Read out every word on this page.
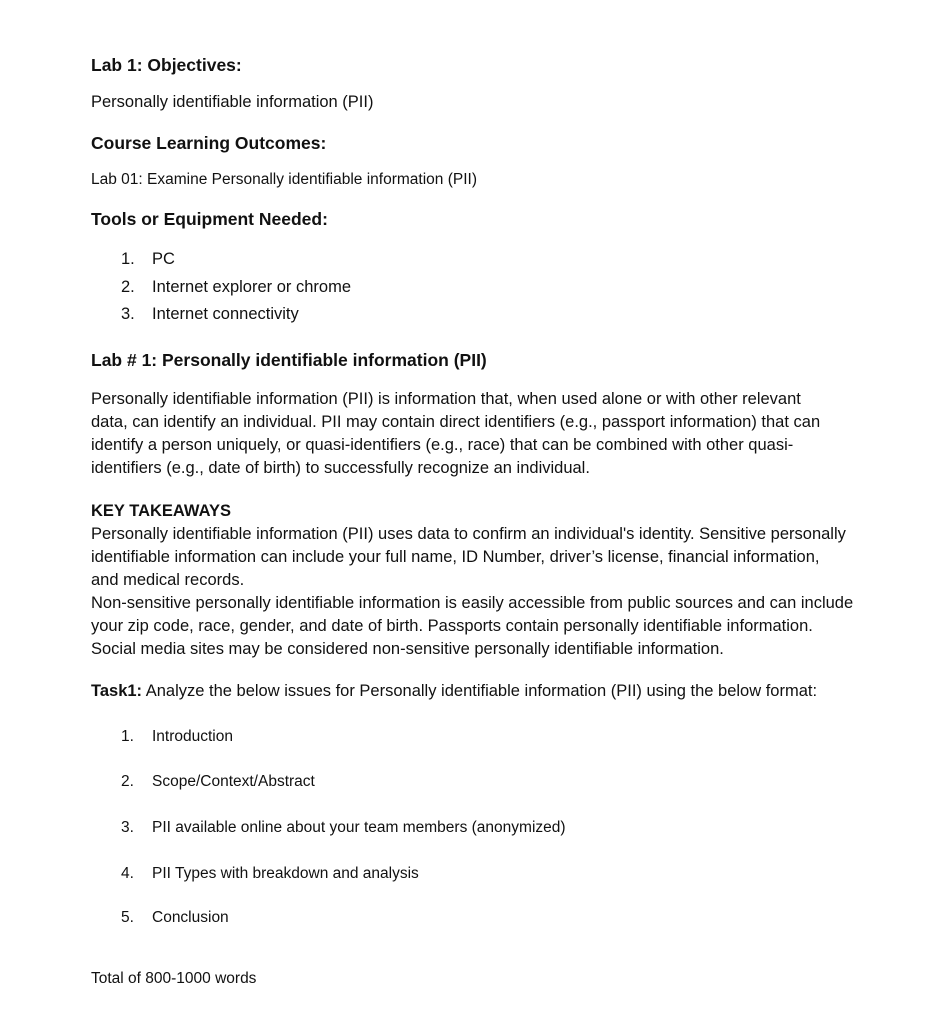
Lab 1: Objectives:
Personally identifiable information (PII)
Course Learning Outcomes:
Lab 01: Examine Personally identifiable information (PII)
Tools or Equipment Needed:
1. PC
2. Internet explorer or chrome
3. Internet connectivity
Lab # 1: Personally identifiable information (PII)
Personally identifiable information (PII) is information that, when used alone or with other relevant
data, can identify an individual. PII may contain direct identifiers (e.g., passport information) that can
identify a person uniquely, or quasi-identifiers (e.g., race) that can be combined with other quasi-
identifiers (e.g., date of birth) to successfully recognize an individual.
KEY TAKEAWAYS
Personally identifiable information (PII) uses data to confirm an individual's identity. Sensitive personally
identifiable information can include your full name, ID Number, driver’s license, financial information,
and medical records.
Non-sensitive personally identifiable information is easily accessible from public sources and can include
your zip code, race, gender, and date of birth. Passports contain personally identifiable information.
Social media sites may be considered non-sensitive personally identifiable information.
Task1: Analyze the below issues for Personally identifiable information (PII) using the below format:
1. Introduction
2. Scope/Context/Abstract
3. PII available online about your team members (anonymized)
4. PII Types with breakdown and analysis
5. Conclusion
Total of 800-1000 words
